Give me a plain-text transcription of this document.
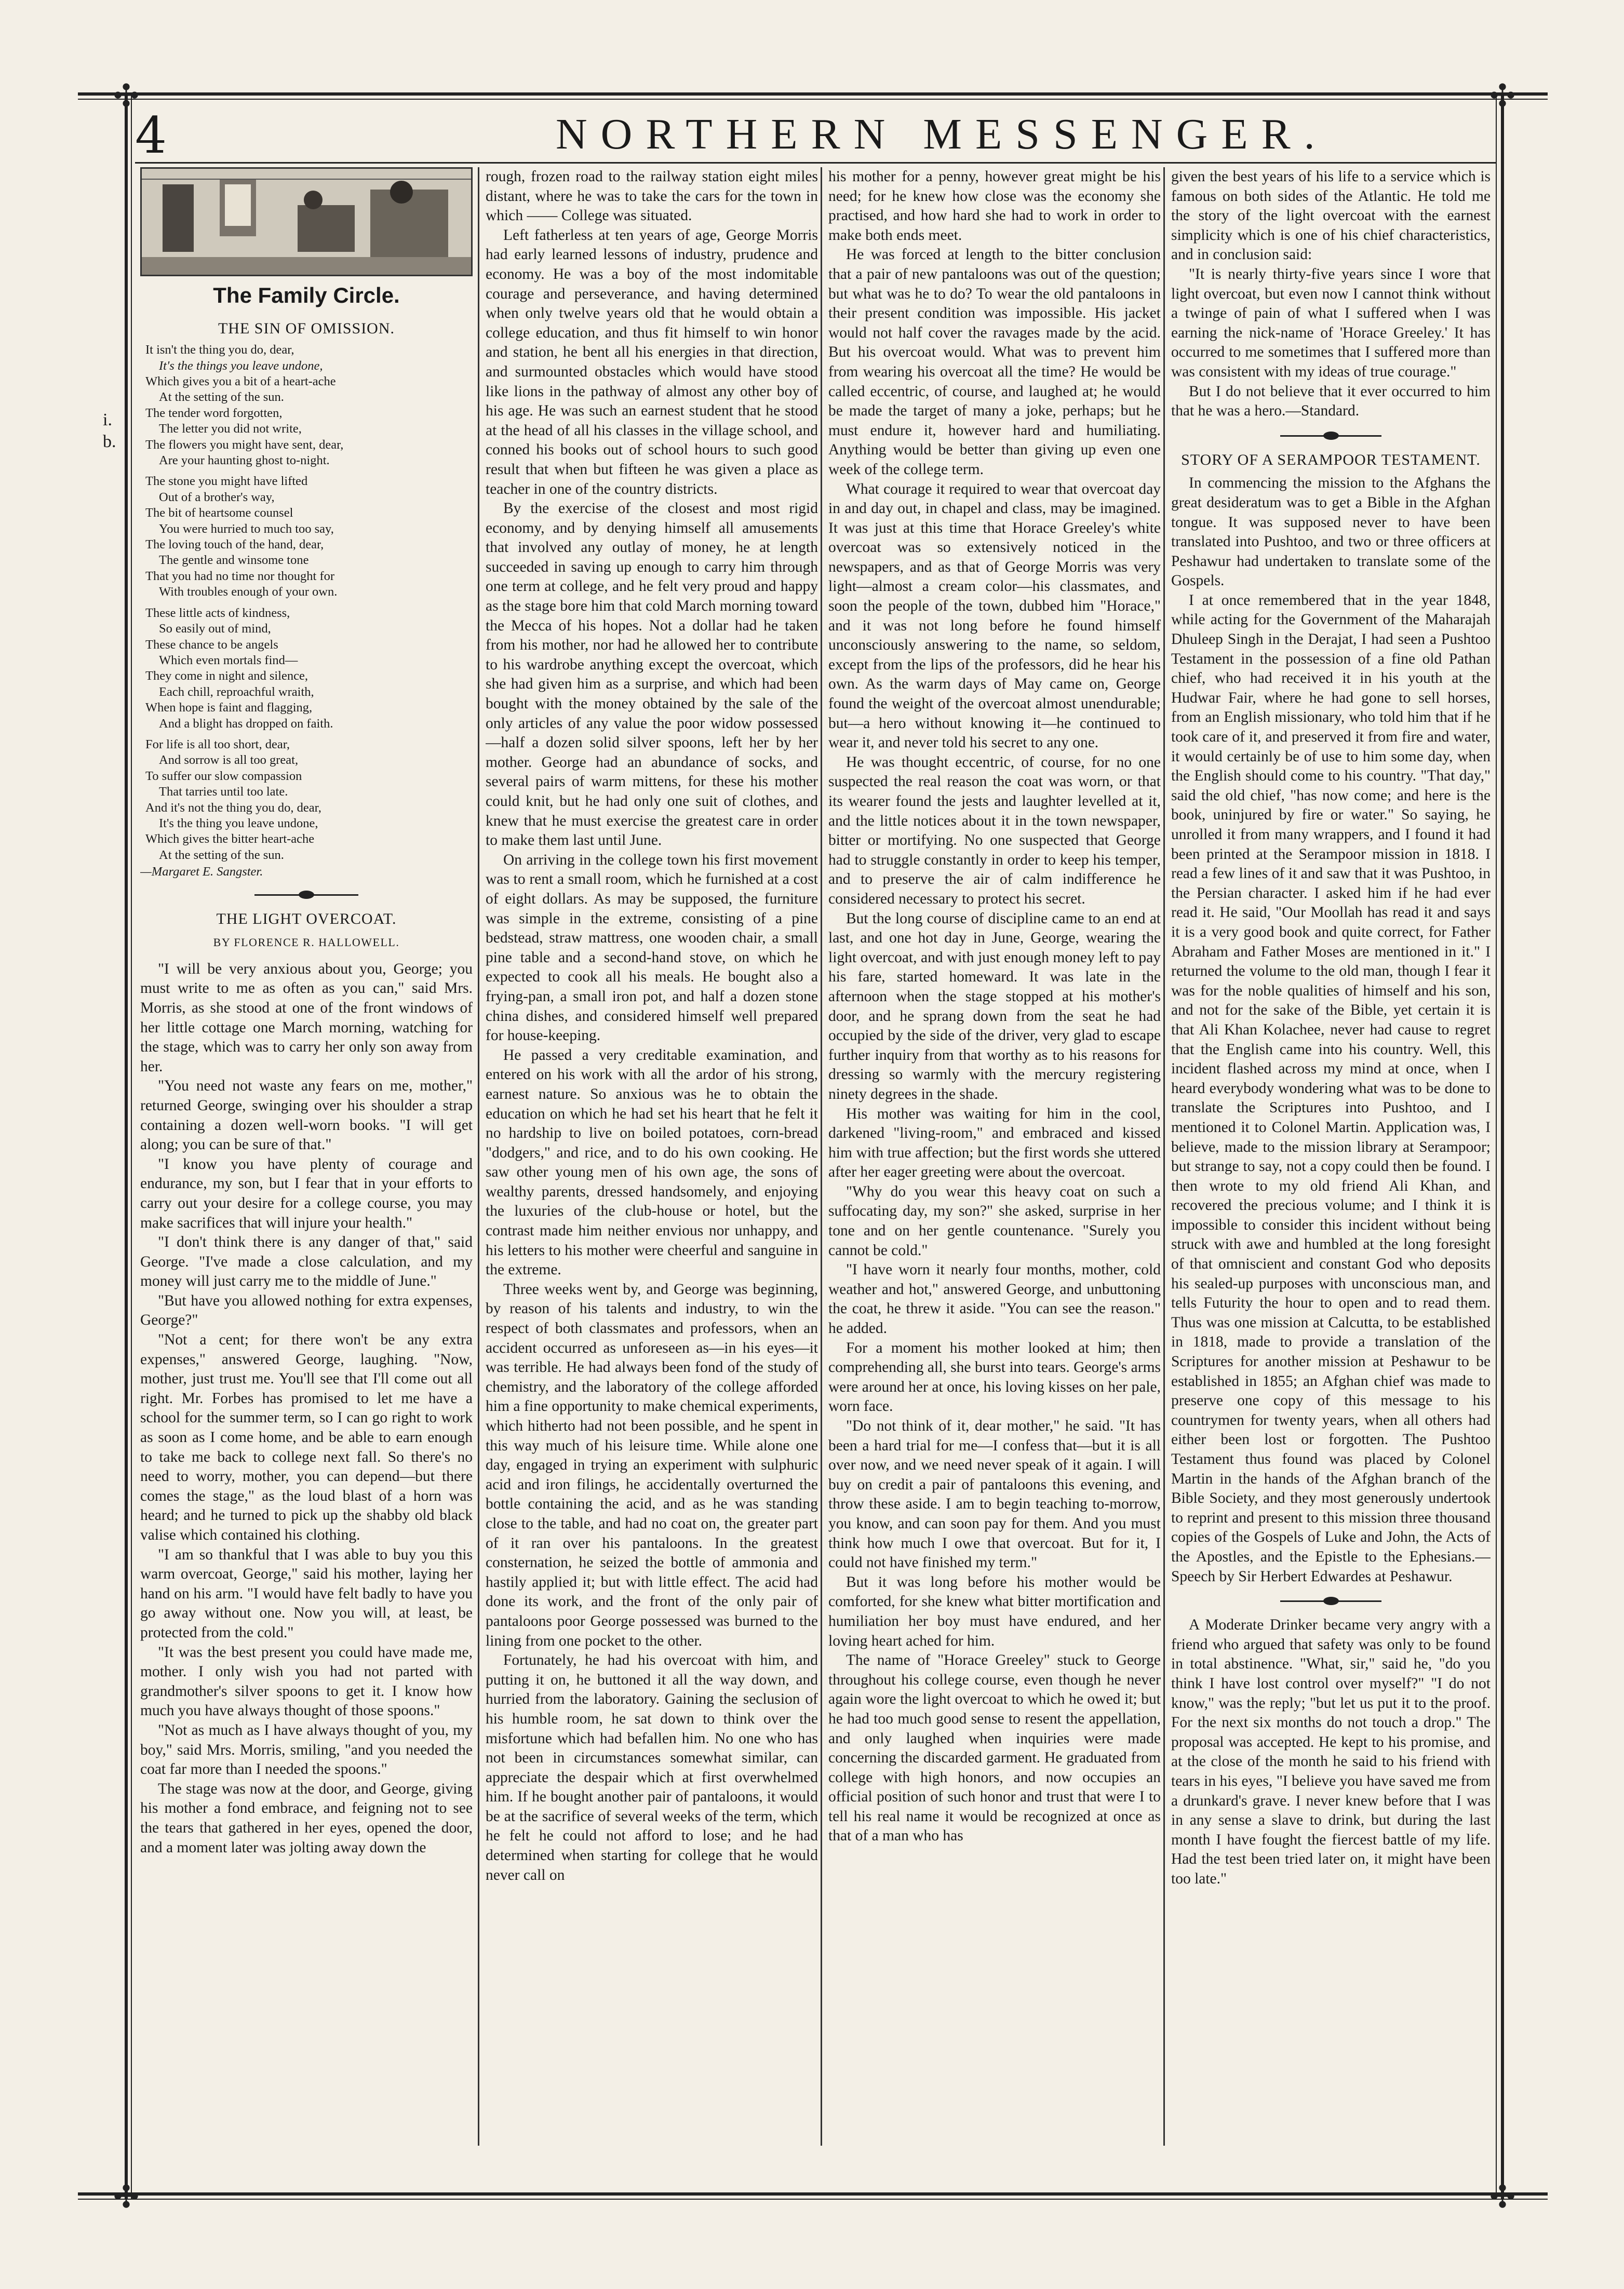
✣	✣
✣	✣
i.
b.
4	NORTHERN MESSENGER.
The Family Circle.
THE SIN OF OMISSION.
It isn't the thing you do, dear,
It's the things you leave undone,
Which gives you a bit of a heart-ache
At the setting of the sun.
The tender word forgotten,
The letter you did not write,
The flowers you might have sent, dear,
Are your haunting ghost to-night.
The stone you might have lifted
Out of a brother's way,
The bit of heartsome counsel
You were hurried to much too say,
The loving touch of the hand, dear,
The gentle and winsome tone
That you had no time nor thought for
With troubles enough of your own.
These little acts of kindness,
So easily out of mind,
These chance to be angels
Which even mortals find—
They come in night and silence,
Each chill, reproachful wraith,
When hope is faint and flagging,
And a blight has dropped on faith.
For life is all too short, dear,
And sorrow is all too great,
To suffer our slow compassion
That tarries until too late.
And it's not the thing you do, dear,
It's the thing you leave undone,
Which gives the bitter heart-ache
At the setting of the sun.
—Margaret E. Sangster.
THE LIGHT OVERCOAT.
BY FLORENCE R. HALLOWELL.

"I will be very anxious about you, George; you must write to me as often as you can," said Mrs. Morris, as she stood at one of the front windows of her little cottage one March morning, watching for the stage, which was to carry her only son away from her.

"You need not waste any fears on me, mother," returned George, swinging over his shoulder a strap containing a dozen well-worn books. "I will get along; you can be sure of that."

"I know you have plenty of courage and endurance, my son, but I fear that in your efforts to carry out your desire for a college course, you may make sacrifices that will injure your health."

"I don't think there is any danger of that," said George. "I've made a close calculation, and my money will just carry me to the middle of June."

"But have you allowed nothing for extra expenses, George?"

"Not a cent; for there won't be any extra expenses," answered George, laughing. "Now, mother, just trust me. You'll see that I'll come out all right. Mr. Forbes has promised to let me have a school for the summer term, so I can go right to work as soon as I come home, and be able to earn enough to take me back to college next fall. So there's no need to worry, mother, you can depend—but there comes the stage," as the loud blast of a horn was heard; and he turned to pick up the shabby old black valise which contained his clothing.

"I am so thankful that I was able to buy you this warm overcoat, George," said his mother, laying her hand on his arm. "I would have felt badly to have you go away without one. Now you will, at least, be protected from the cold."

"It was the best present you could have made me, mother. I only wish you had not parted with grandmother's silver spoons to get it. I know how much you have always thought of those spoons."

"Not as much as I have always thought of you, my boy," said Mrs. Morris, smiling, "and you needed the coat far more than I needed the spoons."

The stage was now at the door, and George, giving his mother a fond embrace, and feigning not to see the tears that gathered in her eyes, opened the door, and a moment later was jolting away down the

rough, frozen road to the railway station eight miles distant, where he was to take the cars for the town in which —— College was situated.

Left fatherless at ten years of age, George Morris had early learned lessons of industry, prudence and economy. He was a boy of the most indomitable courage and perseverance, and having determined when only twelve years old that he would obtain a college education, and thus fit himself to win honor and station, he bent all his energies in that direction, and surmounted obstacles which would have stood like lions in the pathway of almost any other boy of his age. He was such an earnest student that he stood at the head of all his classes in the village school, and conned his books out of school hours to such good result that when but fifteen he was given a place as teacher in one of the country districts.

By the exercise of the closest and most rigid economy, and by denying himself all amusements that involved any outlay of money, he at length succeeded in saving up enough to carry him through one term at college, and he felt very proud and happy as the stage bore him that cold March morning toward the Mecca of his hopes. Not a dollar had he taken from his mother, nor had he allowed her to contribute to his wardrobe anything except the overcoat, which she had given him as a surprise, and which had been bought with the money obtained by the sale of the only articles of any value the poor widow possessed—half a dozen solid silver spoons, left her by her mother. George had an abundance of socks, and several pairs of warm mittens, for these his mother could knit, but he had only one suit of clothes, and knew that he must exercise the greatest care in order to make them last until June.

On arriving in the college town his first movement was to rent a small room, which he furnished at a cost of eight dollars. As may be supposed, the furniture was simple in the extreme, consisting of a pine bedstead, straw mattress, one wooden chair, a small pine table and a second-hand stove, on which he expected to cook all his meals. He bought also a frying-pan, a small iron pot, and half a dozen stone china dishes, and considered himself well prepared for house-keeping.

He passed a very creditable examination, and entered on his work with all the ardor of his strong, earnest nature. So anxious was he to obtain the education on which he had set his heart that he felt it no hardship to live on boiled potatoes, corn-bread "dodgers," and rice, and to do his own cooking. He saw other young men of his own age, the sons of wealthy parents, dressed handsomely, and enjoying the luxuries of the club-house or hotel, but the contrast made him neither envious nor unhappy, and his letters to his mother were cheerful and sanguine in the extreme.

Three weeks went by, and George was beginning, by reason of his talents and industry, to win the respect of both classmates and professors, when an accident occurred as unforeseen as—in his eyes—it was terrible. He had always been fond of the study of chemistry, and the laboratory of the college afforded him a fine opportunity to make chemical experiments, which hitherto had not been possible, and he spent in this way much of his leisure time. While alone one day, engaged in trying an experiment with sulphuric acid and iron filings, he accidentally overturned the bottle containing the acid, and as he was standing close to the table, and had no coat on, the greater part of it ran over his pantaloons. In the greatest consternation, he seized the bottle of ammonia and hastily applied it; but with little effect. The acid had done its work, and the front of the only pair of pantaloons poor George possessed was burned to the lining from one pocket to the other.

Fortunately, he had his overcoat with him, and putting it on, he buttoned it all the way down, and hurried from the laboratory. Gaining the seclusion of his humble room, he sat down to think over the misfortune which had befallen him. No one who has not been in circumstances somewhat similar, can appreciate the despair which at first overwhelmed him. If he bought another pair of pantaloons, it would be at the sacrifice of several weeks of the term, which he felt he could not afford to lose; and he had determined when starting for college that he would never call on

his mother for a penny, however great might be his need; for he knew how close was the economy she practised, and how hard she had to work in order to make both ends meet.

He was forced at length to the bitter conclusion that a pair of new pantaloons was out of the question; but what was he to do? To wear the old pantaloons in their present condition was impossible. His jacket would not half cover the ravages made by the acid. But his overcoat would. What was to prevent him from wearing his overcoat all the time? He would be called eccentric, of course, and laughed at; he would be made the target of many a joke, perhaps; but he must endure it, however hard and humiliating. Anything would be better than giving up even one week of the college term.

What courage it required to wear that overcoat day in and day out, in chapel and class, may be imagined. It was just at this time that Horace Greeley's white overcoat was so extensively noticed in the newspapers, and as that of George Morris was very light—almost a cream color—his classmates, and soon the people of the town, dubbed him "Horace," and it was not long before he found himself unconsciously answering to the name, so seldom, except from the lips of the professors, did he hear his own. As the warm days of May came on, George found the weight of the overcoat almost unendurable; but—a hero without knowing it—he continued to wear it, and never told his secret to any one.

He was thought eccentric, of course, for no one suspected the real reason the coat was worn, or that its wearer found the jests and laughter levelled at it, and the little notices about it in the town newspaper, bitter or mortifying. No one suspected that George had to struggle constantly in order to keep his temper, and to preserve the air of calm indifference he considered necessary to protect his secret.

But the long course of discipline came to an end at last, and one hot day in June, George, wearing the light overcoat, and with just enough money left to pay his fare, started homeward. It was late in the afternoon when the stage stopped at his mother's door, and he sprang down from the seat he had occupied by the side of the driver, very glad to escape further inquiry from that worthy as to his reasons for dressing so warmly with the mercury registering ninety degrees in the shade.

His mother was waiting for him in the cool, darkened "living-room," and embraced and kissed him with true affection; but the first words she uttered after her eager greeting were about the overcoat.

"Why do you wear this heavy coat on such a suffocating day, my son?" she asked, surprise in her tone and on her gentle countenance. "Surely you cannot be cold."

"I have worn it nearly four months, mother, cold weather and hot," answered George, and unbuttoning the coat, he threw it aside. "You can see the reason." he added.

For a moment his mother looked at him; then comprehending all, she burst into tears. George's arms were around her at once, his loving kisses on her pale, worn face.

"Do not think of it, dear mother," he said. "It has been a hard trial for me—I confess that—but it is all over now, and we need never speak of it again. I will buy on credit a pair of pantaloons this evening, and throw these aside. I am to begin teaching to-morrow, you know, and can soon pay for them. And you must think how much I owe that overcoat. But for it, I could not have finished my term."

But it was long before his mother would be comforted, for she knew what bitter mortification and humiliation her boy must have endured, and her loving heart ached for him.

The name of "Horace Greeley" stuck to George throughout his college course, even though he never again wore the light overcoat to which he owed it; but he had too much good sense to resent the appellation, and only laughed when inquiries were made concerning the discarded garment. He graduated from college with high honors, and now occupies an official position of such honor and trust that were I to tell his real name it would be recognized at once as that of a man who has

given the best years of his life to a service which is famous on both sides of the Atlantic. He told me the story of the light overcoat with the earnest simplicity which is one of his chief characteristics, and in conclusion said:

"It is nearly thirty-five years since I wore that light overcoat, but even now I cannot think without a twinge of pain of what I suffered when I was earning the nick-name of 'Horace Greeley.' It has occurred to me sometimes that I suffered more than was consistent with my ideas of true courage."

But I do not believe that it ever occurred to him that he was a hero.—Standard.

STORY OF A SERAMPOOR TESTAMENT.

In commencing the mission to the Afghans the great desideratum was to get a Bible in the Afghan tongue. It was supposed never to have been translated into Pushtoo, and two or three officers at Peshawur had undertaken to translate some of the Gospels.

I at once remembered that in the year 1848, while acting for the Government of the Maharajah Dhuleep Singh in the Derajat, I had seen a Pushtoo Testament in the possession of a fine old Pathan chief, who had received it in his youth at the Hudwar Fair, where he had gone to sell horses, from an English missionary, who told him that if he took care of it, and preserved it from fire and water, it would certainly be of use to him some day, when the English should come to his country. "That day," said the old chief, "has now come; and here is the book, uninjured by fire or water." So saying, he unrolled it from many wrappers, and I found it had been printed at the Serampoor mission in 1818. I read a few lines of it and saw that it was Pushtoo, in the Persian character. I asked him if he had ever read it. He said, "Our Moollah has read it and says it is a very good book and quite correct, for Father Abraham and Father Moses are mentioned in it." I returned the volume to the old man, though I fear it was for the noble qualities of himself and his son, and not for the sake of the Bible, yet certain it is that Ali Khan Kolachee, never had cause to regret that the English came into his country. Well, this incident flashed across my mind at once, when I heard everybody wondering what was to be done to translate the Scriptures into Pushtoo, and I mentioned it to Colonel Martin. Application was, I believe, made to the mission library at Serampoor; but strange to say, not a copy could then be found. I then wrote to my old friend Ali Khan, and recovered the precious volume; and I think it is impossible to consider this incident without being struck with awe and humbled at the long foresight of that omniscient and constant God who deposits his sealed-up purposes with unconscious man, and tells Futurity the hour to open and to read them. Thus was one mission at Calcutta, to be established in 1818, made to provide a translation of the Scriptures for another mission at Peshawur to be established in 1855; an Afghan chief was made to preserve one copy of this message to his countrymen for twenty years, when all others had either been lost or forgotten. The Pushtoo Testament thus found was placed by Colonel Martin in the hands of the Afghan branch of the Bible Society, and they most generously undertook to reprint and present to this mission three thousand copies of the Gospels of Luke and John, the Acts of the Apostles, and the Epistle to the Ephesians.—Speech by Sir Herbert Edwardes at Peshawur.

A Moderate Drinker became very angry with a friend who argued that safety was only to be found in total abstinence. "What, sir," said he, "do you think I have lost control over myself?" "I do not know," was the reply; "but let us put it to the proof. For the next six months do not touch a drop." The proposal was accepted. He kept to his promise, and at the close of the month he said to his friend with tears in his eyes, "I believe you have saved me from a drunkard's grave. I never knew before that I was in any sense a slave to drink, but during the last month I have fought the fiercest battle of my life. Had the test been tried later on, it might have been too late."
